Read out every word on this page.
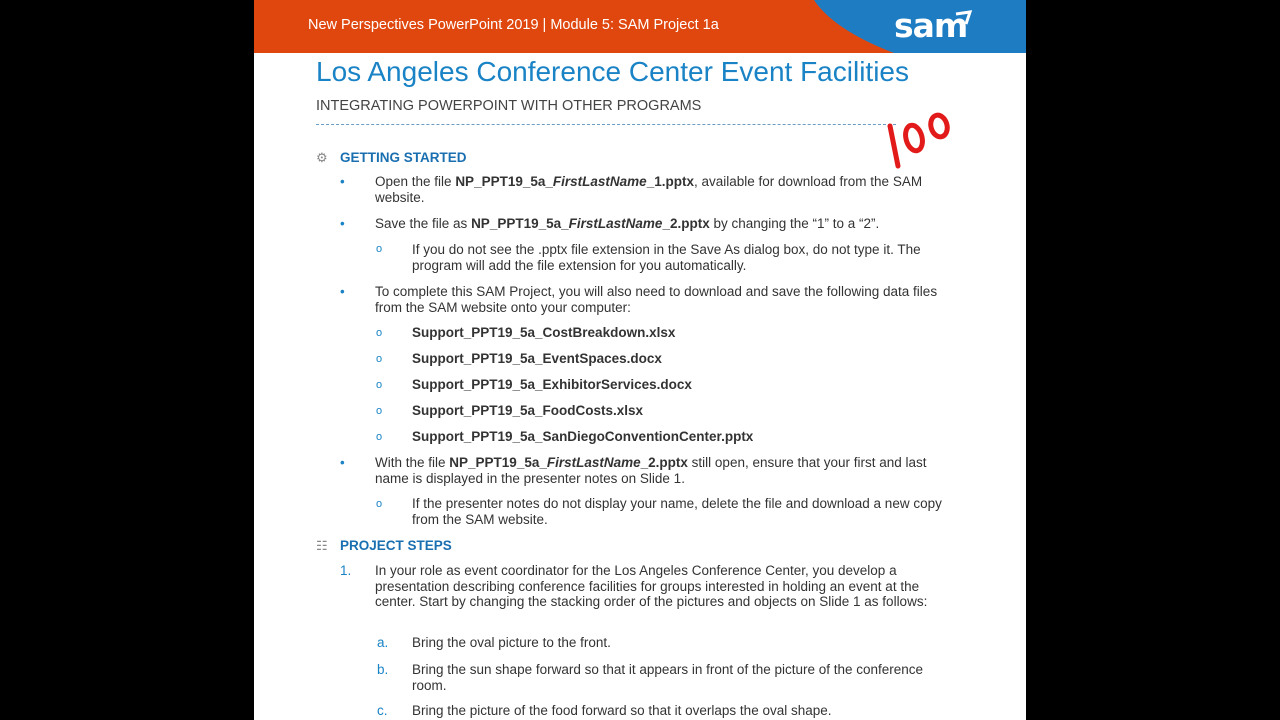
New Perspectives PowerPoint 2019 | Module 5: SAM Project 1a	sam
Los Angeles Conference Center Event Facilities
INTEGRATING POWERPOINT WITH OTHER PROGRAMS
⚙ GETTING STARTED
• Open the file NP_PPT19_5a_FirstLastName_1.pptx, available for download from the SAM website.
• Save the file as NP_PPT19_5a_FirstLastName_2.pptx by changing the “1” to a “2”.
o If you do not see the .pptx file extension in the Save As dialog box, do not type it. The program will add the file extension for you automatically.
• To complete this SAM Project, you will also need to download and save the following data files from the SAM website onto your computer:
o Support_PPT19_5a_CostBreakdown.xlsx
o Support_PPT19_5a_EventSpaces.docx
o Support_PPT19_5a_ExhibitorServices.docx
o Support_PPT19_5a_FoodCosts.xlsx
o Support_PPT19_5a_SanDiegoConventionCenter.pptx
• With the file NP_PPT19_5a_FirstLastName_2.pptx still open, ensure that your first and last name is displayed in the presenter notes on Slide 1.
o If the presenter notes do not display your name, delete the file and download a new copy from the SAM website.
☷ PROJECT STEPS
1. In your role as event coordinator for the Los Angeles Conference Center, you develop a presentation describing conference facilities for groups interested in holding an event at the center. Start by changing the stacking order of the pictures and objects on Slide 1 as follows:
a. Bring the oval picture to the front.
b. Bring the sun shape forward so that it appears in front of the picture of the conference room.
c. Bring the picture of the food forward so that it overlaps the oval shape.
